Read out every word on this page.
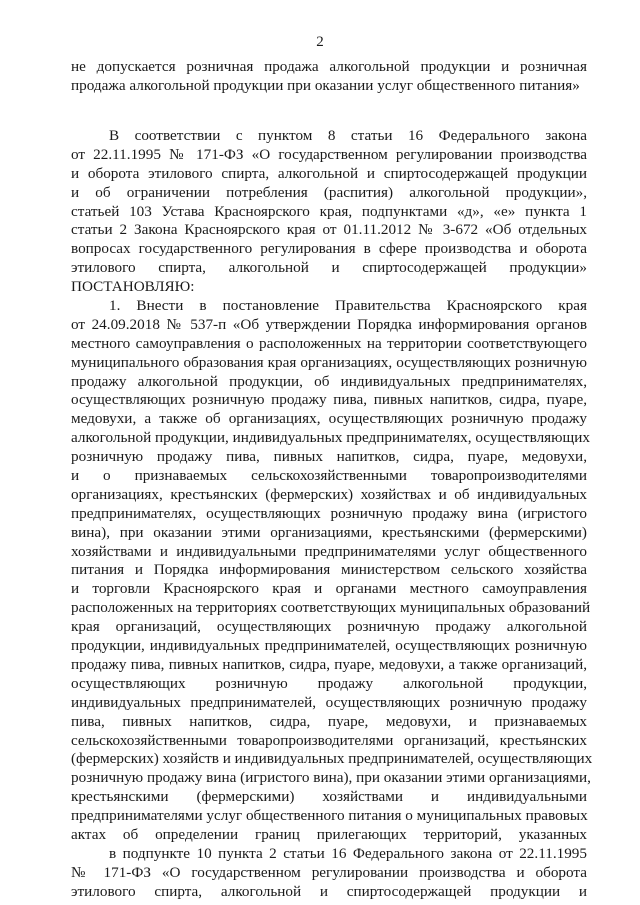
2
не допускается розничная продажа алкогольной продукции и розничная
продажа алкогольной продукции при оказании услуг общественного питания»
В соответствии с пунктом 8 статьи 16 Федерального закона
от 22.11.1995 № 171-ФЗ «О государственном регулировании производства
и оборота этилового спирта, алкогольной и спиртосодержащей продукции
и об ограничении потребления (распития) алкогольной продукции»,
статьей 103 Устава Красноярского края, подпунктами «д», «е» пункта 1
статьи 2 Закона Красноярского края от 01.11.2012 № 3-672 «Об отдельных
вопросах государственного регулирования в сфере производства и оборота
этилового спирта, алкогольной и спиртосодержащей продукции»
ПОСТАНОВЛЯЮ:
1. Внести в постановление Правительства Красноярского края
от 24.09.2018 № 537-п «Об утверждении Порядка информирования органов
местного самоуправления о расположенных на территории соответствующего
муниципального образования края организациях, осуществляющих розничную
продажу алкогольной продукции, об индивидуальных предпринимателях,
осуществляющих розничную продажу пива, пивных напитков, сидра, пуаре,
медовухи, а также об организациях, осуществляющих розничную продажу
алкогольной продукции, индивидуальных предпринимателях, осуществляющих
розничную продажу пива, пивных напитков, сидра, пуаре, медовухи,
и о признаваемых сельскохозяйственными товаропроизводителями
организациях, крестьянских (фермерских) хозяйствах и об индивидуальных
предпринимателях, осуществляющих розничную продажу вина (игристого
вина), при оказании этими организациями, крестьянскими (фермерскими)
хозяйствами и индивидуальными предпринимателями услуг общественного
питания и Порядка информирования министерством сельского хозяйства
и торговли Красноярского края и органами местного самоуправления
расположенных на территориях соответствующих муниципальных образований
края организаций, осуществляющих розничную продажу алкогольной
продукции, индивидуальных предпринимателей, осуществляющих розничную
продажу пива, пивных напитков, сидра, пуаре, медовухи, а также организаций,
осуществляющих розничную продажу алкогольной продукции,
индивидуальных предпринимателей, осуществляющих розничную продажу
пива, пивных напитков, сидра, пуаре, медовухи, и признаваемых
сельскохозяйственными товаропроизводителями организаций, крестьянских
(фермерских) хозяйств и индивидуальных предпринимателей, осуществляющих
розничную продажу вина (игристого вина), при оказании этими организациями,
крестьянскими (фермерскими) хозяйствами и индивидуальными
предпринимателями услуг общественного питания о муниципальных правовых
актах об определении границ прилегающих территорий, указанных
в подпункте 10 пункта 2 статьи 16 Федерального закона от 22.11.1995
№ 171-ФЗ «О государственном регулировании производства и оборота
этилового спирта, алкогольной и спиртосодержащей продукции и
